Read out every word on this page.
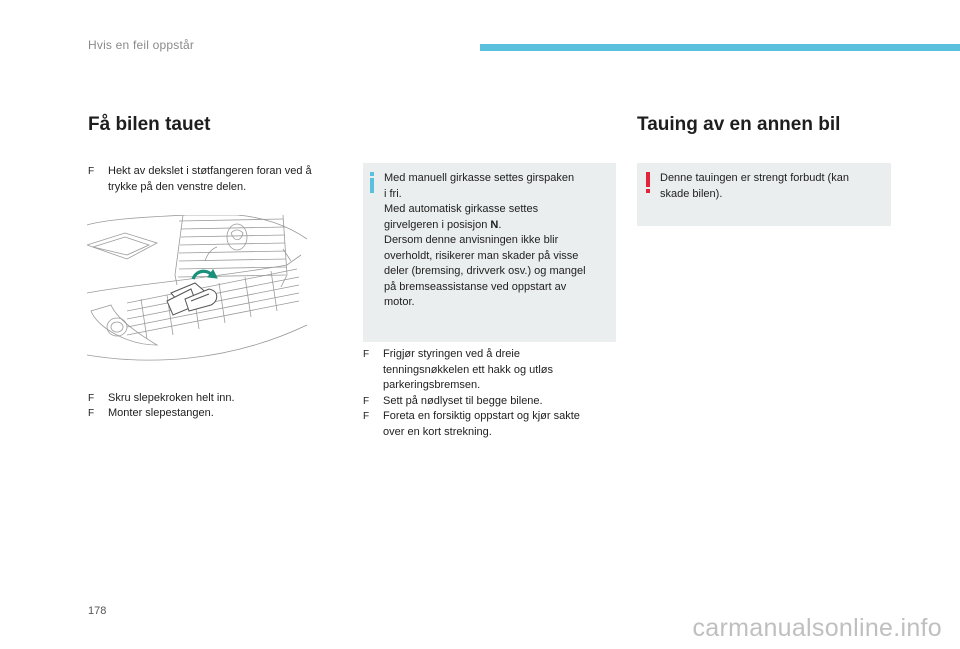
Hvis en feil oppstår
Få bilen tauet	Tauing av en annen bil
F Hekt av dekslet i støtfangeren foran ved å
trykke på den venstre delen.
F Skru slepekroken helt inn.
F Monter slepestangen.

Med manuell girkasse settes girspaken

i fri.

Med automatisk girkasse settes

girvelgeren i posisjon N.

Dersom denne anvisningen ikke blir

overholdt, risikerer man skader på visse

deler (bremsing, drivverk osv.) og mangel

på bremseassistanse ved oppstart av

motor.

F Frigjør styringen ved å dreie
tenningsnøkkelen ett hakk og utløs
parkeringsbremsen.
F Sett på nødlyset til begge bilene.
F Foreta en forsiktig oppstart og kjør sakte
over en kort strekning.

Denne tauingen er strengt forbudt (kan

skade bilen).

178
carmanualsonline.info
